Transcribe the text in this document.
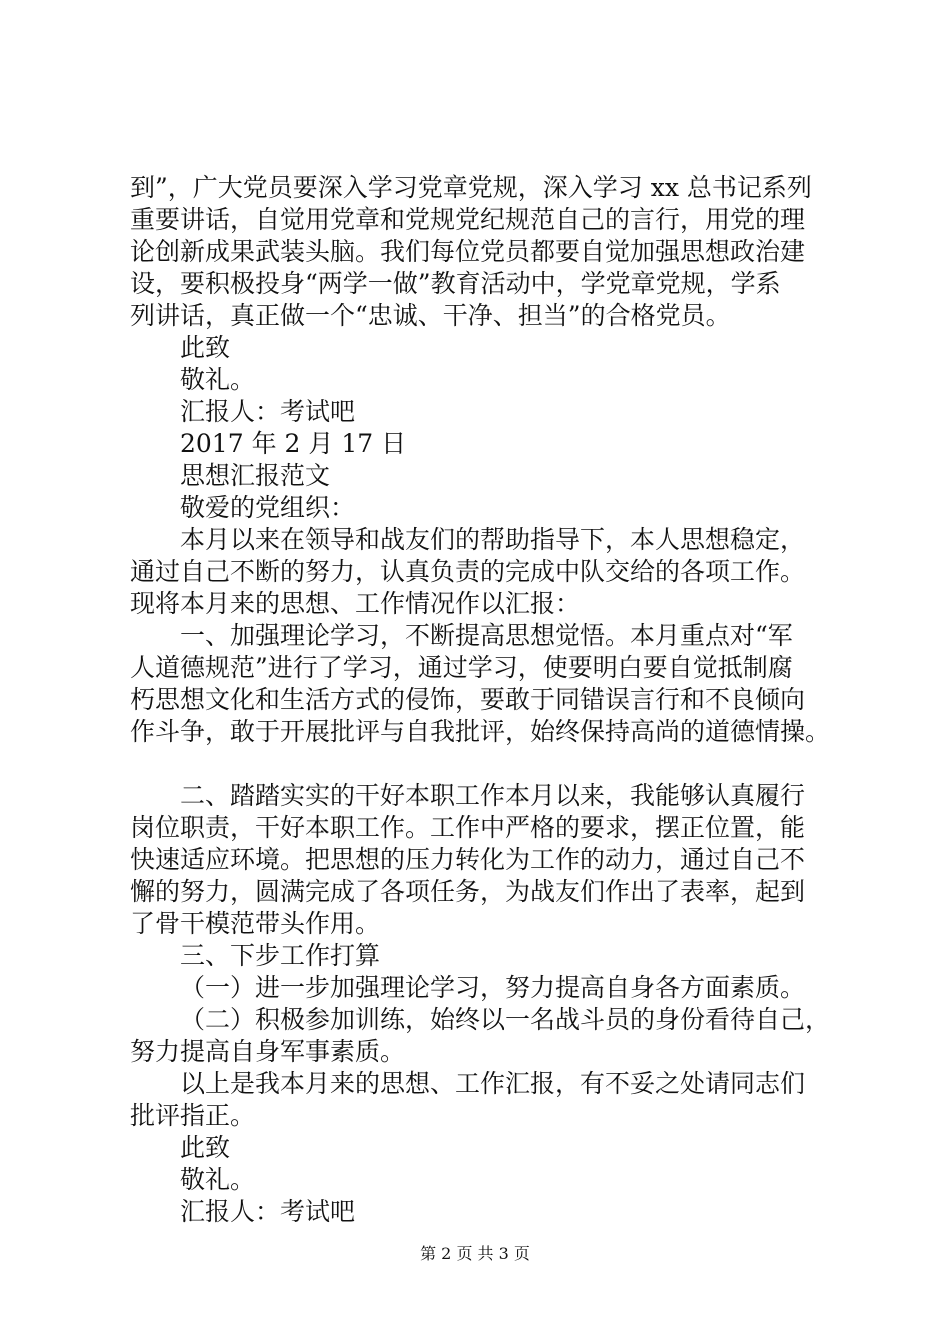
到”，广大党员要深入学习党章党规，深入学习 xx 总书记系列
重要讲话，自觉用党章和党规党纪规范自己的言行，用党的理
论创新成果武装头脑。我们每位党员都要自觉加强思想政治建
设，要积极投身“两学一做”教育活动中，学党章党规，学系
列讲话，真正做一个“忠诚、干净、担当”的合格党员。
此致
敬礼。
汇报人：考试吧
2017 年 2 月 17 日
思想汇报范文
敬爱的党组织：
本月以来在领导和战友们的帮助指导下，本人思想稳定，
通过自己不断的努力，认真负责的完成中队交给的各项工作。
现将本月来的思想、工作情况作以汇报：
一、加强理论学习，不断提高思想觉悟。本月重点对“军
人道德规范”进行了学习，通过学习，使要明白要自觉抵制腐
朽思想文化和生活方式的侵饰，要敢于同错误言行和不良倾向
作斗争，敢于开展批评与自我批评，始终保持高尚的道德情操。
二、踏踏实实的干好本职工作本月以来，我能够认真履行
岗位职责，干好本职工作。工作中严格的要求，摆正位置，能
快速适应环境。把思想的压力转化为工作的动力，通过自己不
懈的努力，圆满完成了各项任务，为战友们作出了表率，起到
了骨干模范带头作用。
三、下步工作打算
（一）进一步加强理论学习，努力提高自身各方面素质。
（二）积极参加训练，始终以一名战斗员的身份看待自己，
努力提高自身军事素质。
以上是我本月来的思想、工作汇报，有不妥之处请同志们
批评指正。
此致
敬礼。
汇报人：考试吧
第 2 页 共 3 页
